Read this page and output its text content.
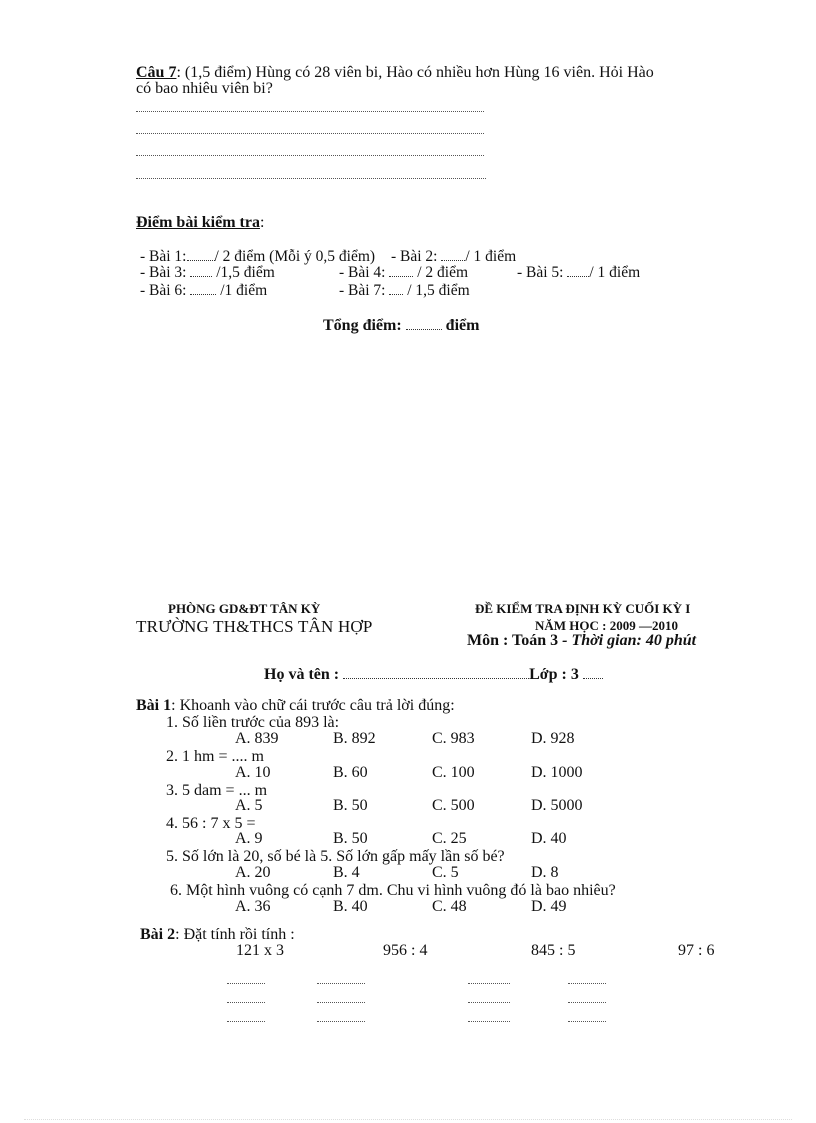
Câu 7: (1,5 điểm) Hùng có 28 viên bi, Hào có nhiều hơn Hùng 16 viên. Hỏi Hào
có bao nhiêu viên bi?
Điểm bài kiểm tra:
- Bài 1: / 2 điểm (Mỗi ý 0,5 điểm) - Bài 2: / 1 điểm
- Bài 3: /1,5 điểm	- Bài 4: / 2 điểm	- Bài 5: / 1 điểm
- Bài 6: /1 điểm	- Bài 7: / 1,5 điểm
Tổng điểm:	điểm
PHÒNG GD&ĐT TÂN KỲ
TRƯỜNG TH&THCS TÂN HỢP
ĐỀ KIỂM TRA ĐỊNH KỲ CUỐI KỲ I
NĂM HỌC : 2009 —2010
Môn : Toán 3 - Thời gian: 40 phút
Họ và tên :	Lớp : 3
Bài 1: Khoanh vào chữ cái trước câu trả lời đúng:
1. Số liền trước của 893 là:
A. 839	B. 892	C. 983	D. 928
2. 1 hm = .... m
A. 10	B. 60	C. 100	D. 1000
3. 5 dam = ... m
A. 5	B. 50	C. 500	D. 5000
4. 56 : 7 x 5 =
A. 9	B. 50	C. 25	D. 40
5. Số lớn là 20, số bé là 5. Số lớn gấp mấy lần số bé?
A. 20	B. 4	C. 5	D. 8
6. Một hình vuông có cạnh 7 dm. Chu vi hình vuông đó là bao nhiêu?
A. 36	B. 40	C. 48	D. 49
Bài 2: Đặt tính rồi tính :
121 x 3	956 : 4	845 : 5	97 : 6
